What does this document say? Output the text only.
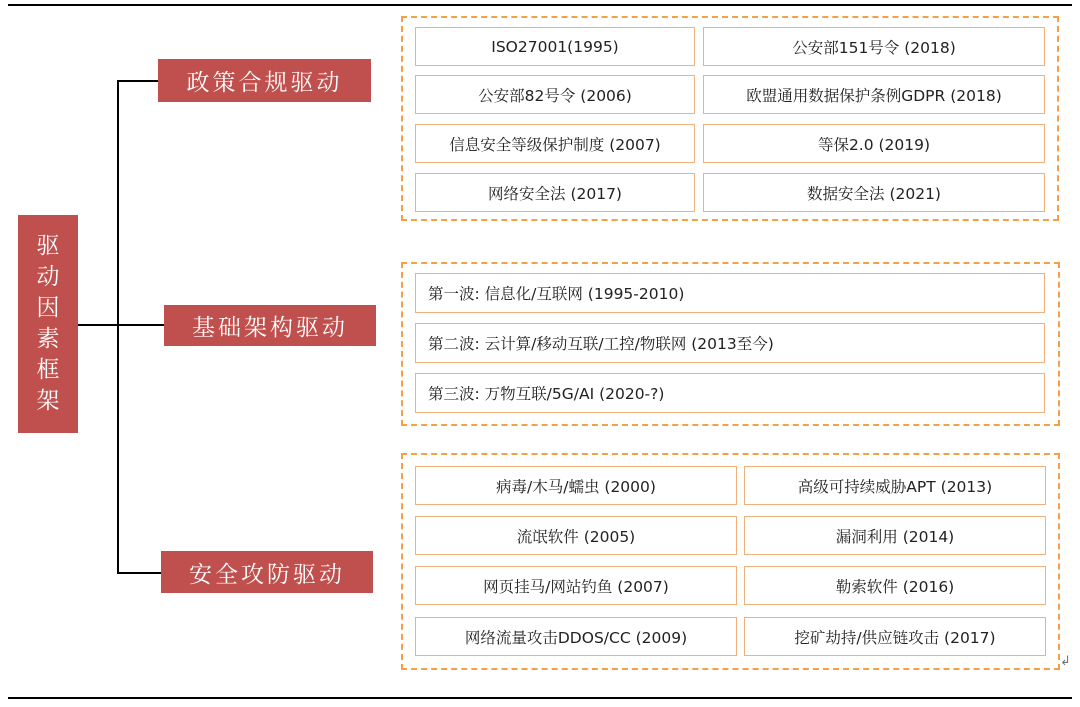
驱动因素框架
政策合规驱动
基础架构驱动
安全攻防驱动
ISO27001(1995)	公安部151号令 (2018)
公安部82号令 (2006)	欧盟通用数据保护条例GDPR (2018)
信息安全等级保护制度 (2007)	等保2.0 (2019)
网络安全法 (2017)	数据安全法 (2021)
第一波: 信息化/互联网 (1995-2010)
第二波: 云计算/移动互联/工控/物联网 (2013至今)
第三波: 万物互联/5G/AI (2020-?)
病毒/木马/蠕虫 (2000)	高级可持续威胁APT (2013)
流氓软件 (2005)	漏洞利用 (2014)
网页挂马/网站钓鱼 (2007)	勒索软件 (2016)
网络流量攻击DDOS/CC (2009)	挖矿劫持/供应链攻击 (2017)
↲
